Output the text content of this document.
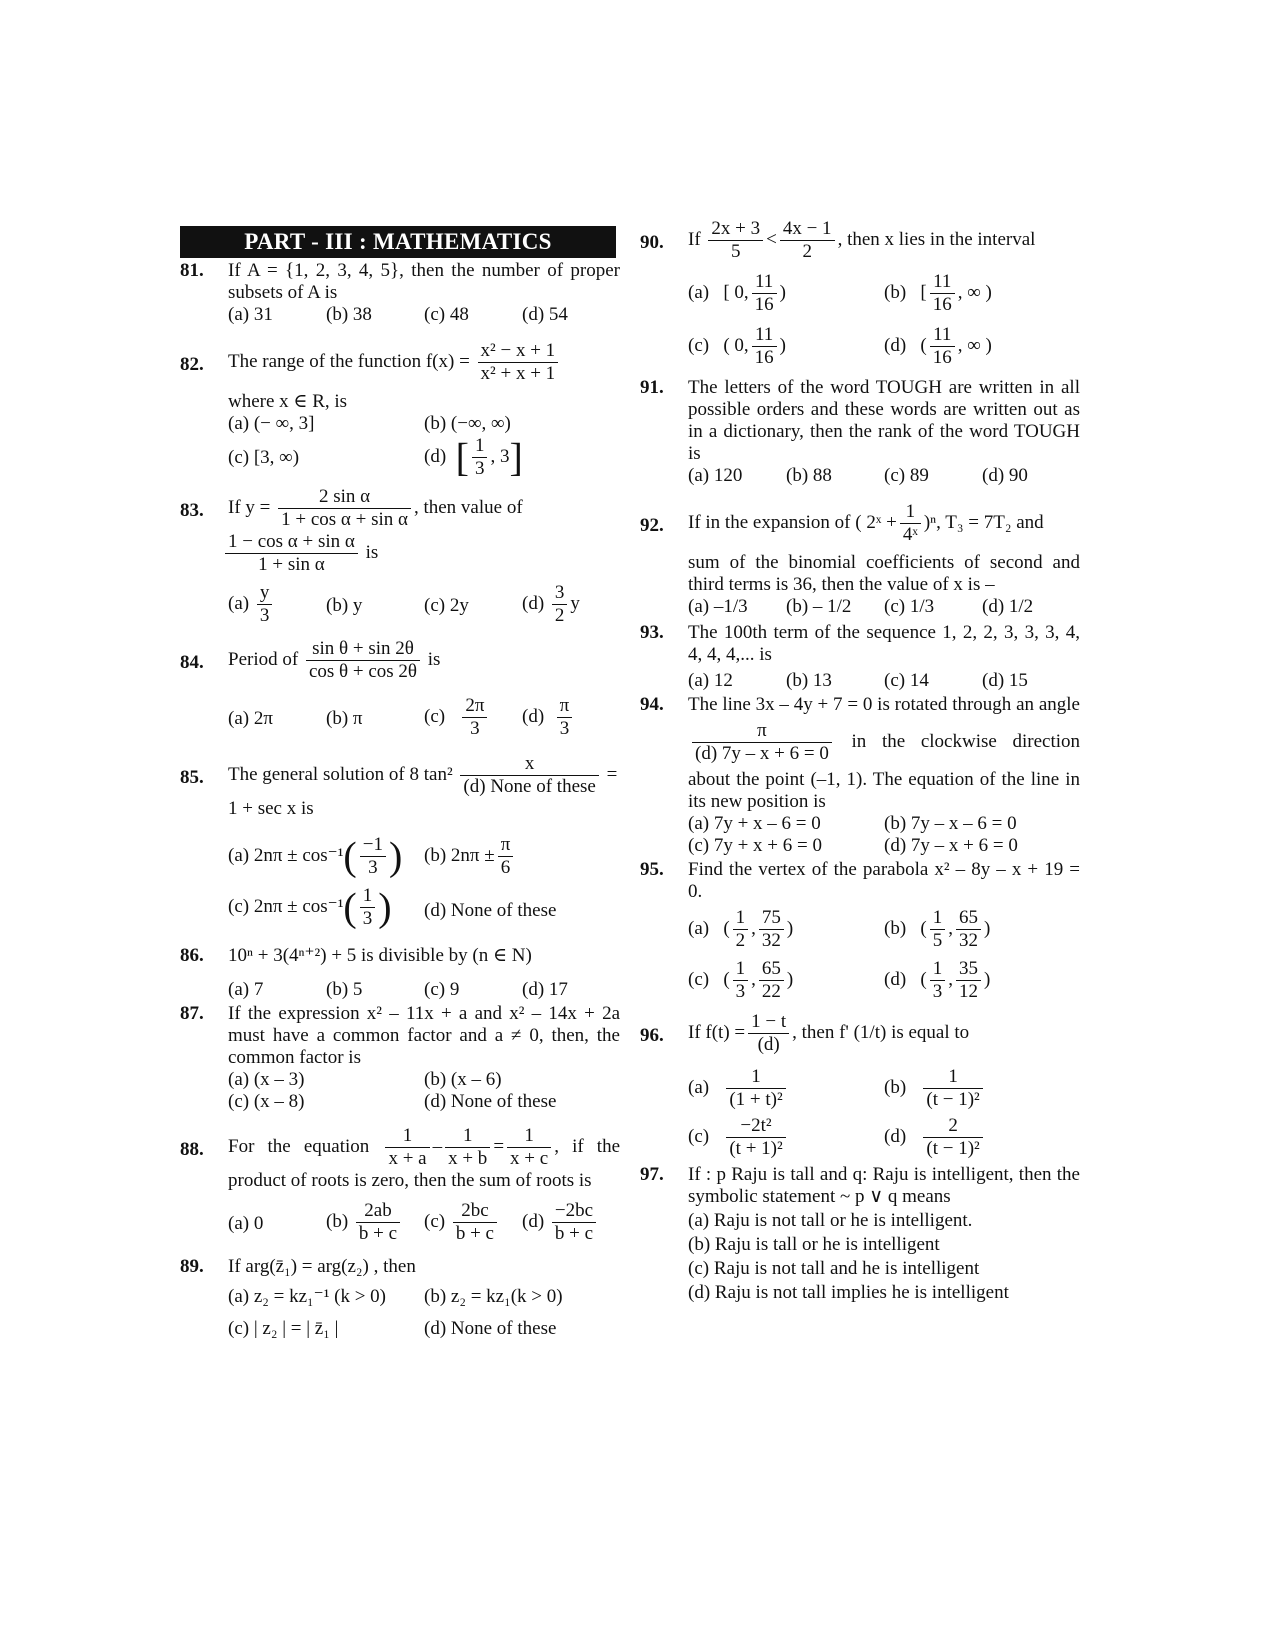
PART - III : MATHEMATICS
81. If A = {1, 2, 3, 4, 5}, then the number of proper subsets of A is
(a) 31	(b) 38	(c) 48	(d) 54
82. The range of the function $f(x) = \frac{\text{x² − x + 1}}{\text{x² + x + 1}}$
where x ∈ R, is
(a) (− ∞, 3]	(b) (−∞, ∞)
(c) [3, ∞)	(d) [ $\frac{1}{3}$ , 3]
83. If $y = \frac{\text{2 sin α}}{\text{1 + cos α + sin α}}$ , then value of
$\frac{\text{1 − cos α + sin α}}{\text{1 + sin α}}$ is
$(a) \frac{y}{3}$	(b) y	(c) 2y	$(d) \frac{3}{2}$ y
84. Period of $\frac{\text{sin θ + sin 2θ}}{\text{cos θ + cos 2θ}}$ is
(a) 2π	(b) π	$(c) \frac{2\pi}{3} (d) \frac{\pi}{3}$
85. The general solution of 8 $\tan^2 \frac{x}{\text{(d) None of these}} = 1 + \sec x$ is
(a) $2n\pi \pm \cos^{-1}( \frac{-1}{3}$ )	(b) $2n\pi \pm \frac{\pi}{6}$
(c) $2n\pi \pm \cos^{-1}( \frac{1}{3}$ )	(d) None of these
86. 10ⁿ + 3(4ⁿ⁺²) + 5 is divisible by (n ∈ N)
(a) 7	(b) 5	(c) 9	(d) 17
87. If the expression x² – 11x + a and x² – 14x + 2a must have a common factor and a ≠ 0, then, the common factor is
(a) (x – 3)	(b) (x – 6)
(c) (x – 8)	(d) None of these
88. For the equation $\frac{1}{x + a} - \frac{1}{x + b} = \frac{1}{x + c}$ , if the product of roots is zero, then the sum of roots is
(a) 0	$(b) \frac{2ab}{b + c} (c) \frac{2bc}{b + c} (d) \frac{-2bc}{b + c}$
89. If arg(z̄₁) = arg(z₂) , then
(a) z₂ = kz₁⁻¹ (k > 0)	(b) z₂ = kz₁(k > 0)
(c) | z₂ | = | z̄₁ |	(d) None of these
90. If $\frac{2x + 3}{5} < \frac{4x - 1}{2}$ , then x lies in the interval
(a) [ 0, $\frac{11}{16}$ )	(b) [ $\frac{11}{16}$ , ∞ )
(c) ( 0, $\frac{11}{16}$ )	(d) ( $\frac{11}{16}$ , ∞ )
91. The letters of the word TOUGH are written in all possible orders and these words are written out as in a dictionary, then the rank of the word TOUGH is
(a) 120	(b) 88	(c) 89	(d) 90
92. If in the expansion of ( 2ˣ + $\frac{1}{\text{4ˣ}} )^n$, T₃ = 7T₂ and
sum of the binomial coefficients of second and third terms is 36, then the value of x is –
(a) –1/3	(b) – 1/2	(c) 1/3	(d) 1/2
93. The 100th term of the sequence 1, 2, 2, 3, 3, 3, 4, 4, 4, 4,... is
(a) 12	(b) 13	(c) 14	(d) 15
94. The line 3x – 4y + 7 = 0 is rotated through an angle
$\frac{\pi}{(d) 7y - x + 6 = 0}$ in the clockwise direction about the point (–1, 1). The equation of the line in its new position is
(a) 7y + x – 6 = 0	(b) 7y – x – 6 = 0
(c) 7y + x + 6 = 0	(d) 7y – x + 6 = 0
95. Find the vertex of the parabola x² – 8y – x + 19 = 0.
(a)   ( $\frac{1}{2}$ , $\frac{75}{32}$ )	(b)   ( $\frac{1}{5}$ , $\frac{65}{32}$ )
(c)   ( $\frac{1}{3}$ , $\frac{65}{22}$ )	(d)   ( $\frac{1}{3}$ , $\frac{35}{12}$ )
96. If $f(t) = \frac{1 - t}{(d)}$ , then f' (1/t) is equal to
$(a) \frac{1}{\text{(1 + t)²}}$	$(b) \frac{1}{\text{(t − 1)²}}$
$(c) \frac{\text{−2t²}}{\text{(t + 1)²}}$	$(d) \frac{2}{\text{(t − 1)²}}$
97. If : p Raju is tall and q: Raju is intelligent, then the symbolic statement ~ p ∨ q means
(a) Raju is not tall or he is intelligent.
(b) Raju is tall or he is intelligent
(c) Raju is not tall and he is intelligent
(d) Raju is not tall implies he is intelligent
